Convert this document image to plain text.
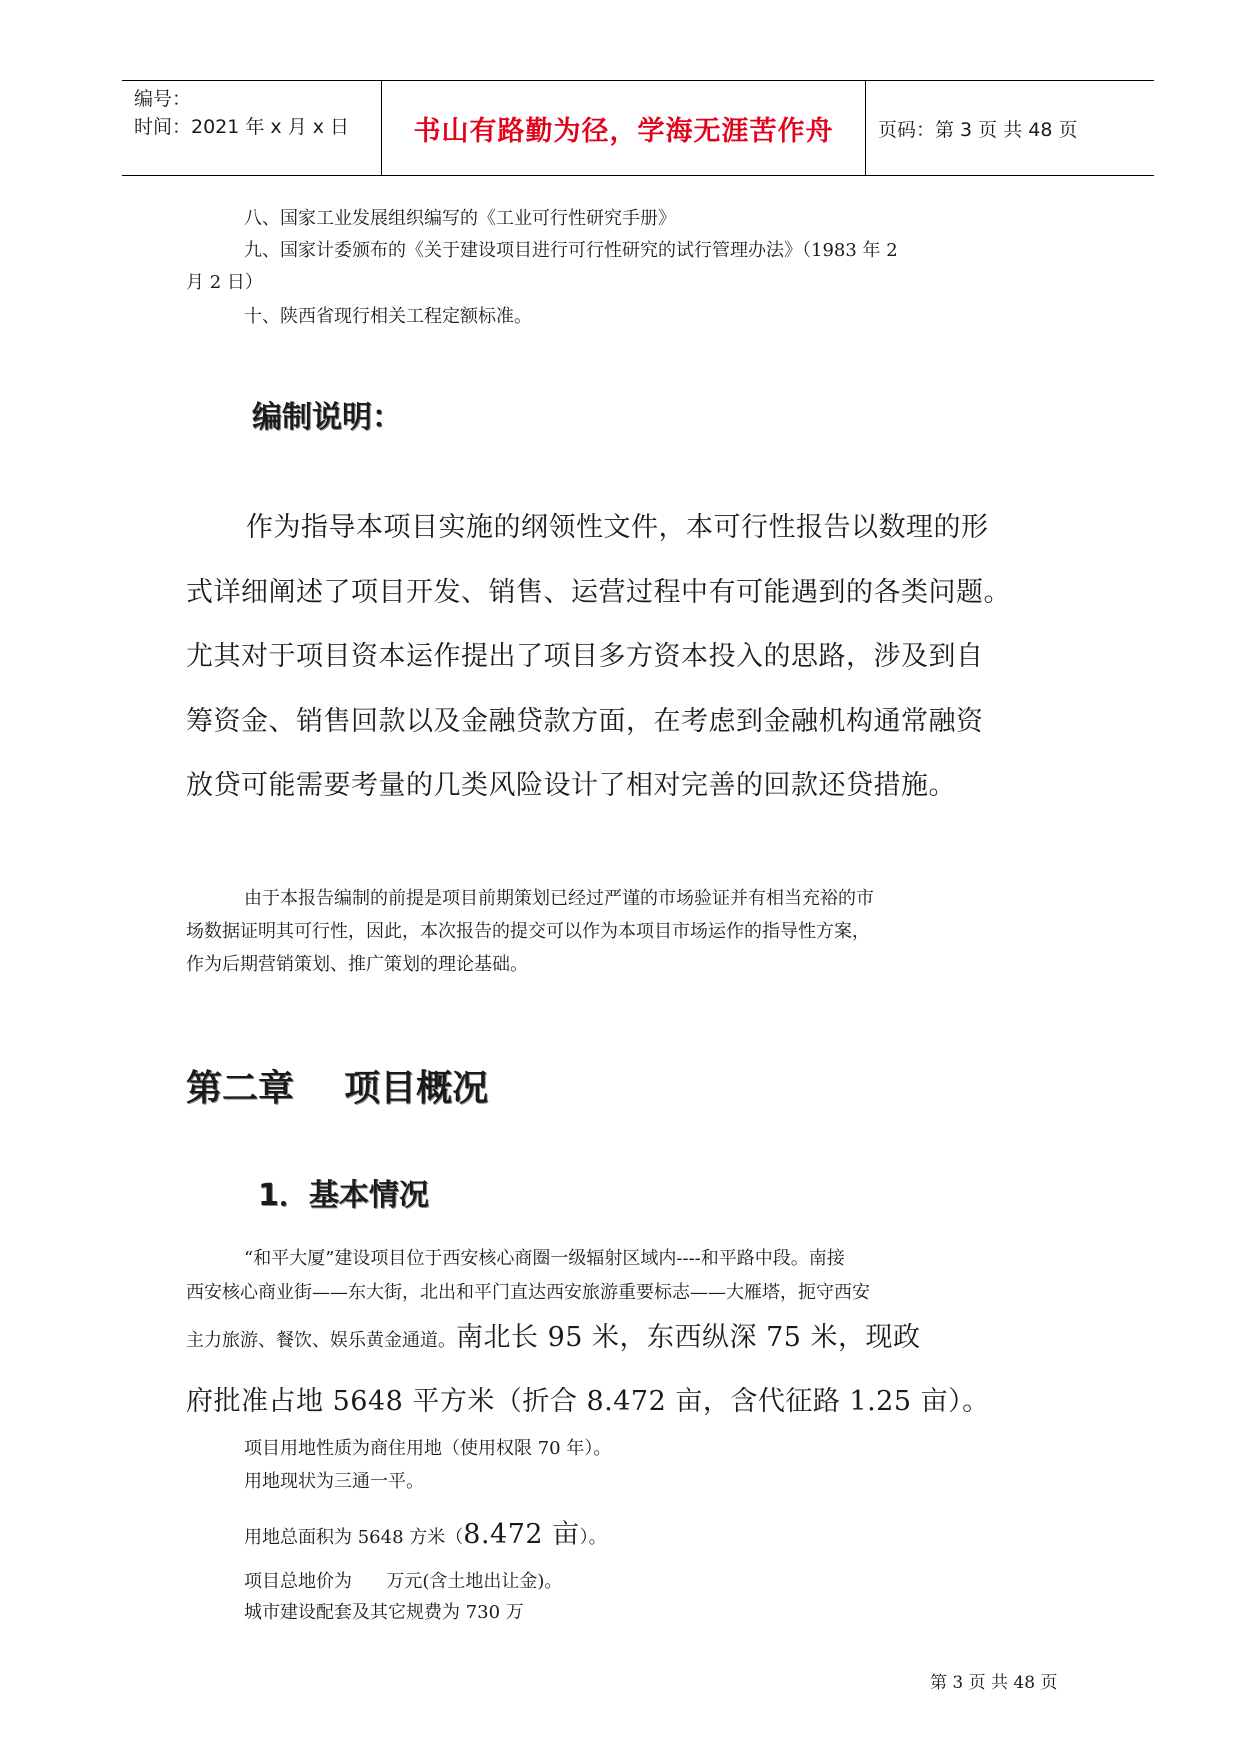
编号：
时间：2021 年 x 月 x 日	书山有路勤为径，学海无涯苦作舟 页码：第 3 页 共 48 页
八、国家工业发展组织编写的《工业可行性研究手册》
九、国家计委颁布的《关于建设项目进行可行性研究的试行管理办法》（1983 年 2
月 2 日）
十、陕西省现行相关工程定额标准。
编制说明：
作为指导本项目实施的纲领性文件，本可行性报告以数理的形
式详细阐述了项目开发、销售、运营过程中有可能遇到的各类问题。
尤其对于项目资本运作提出了项目多方资本投入的思路，涉及到自
筹资金、销售回款以及金融贷款方面，在考虑到金融机构通常融资
放贷可能需要考量的几类风险设计了相对完善的回款还贷措施。
由于本报告编制的前提是项目前期策划已经过严谨的市场验证并有相当充裕的市
场数据证明其可行性，因此，本次报告的提交可以作为本项目市场运作的指导性方案，
作为后期营销策划、推广策划的理论基础。
第二章    项目概况
1．基本情况
“和平大厦”建设项目位于西安核心商圈一级辐射区域内----和平路中段。南接
西安核心商业街——东大街，北出和平门直达西安旅游重要标志——大雁塔，扼守西安
主力旅游、餐饮、娱乐黄金通道。南北长 95 米，东西纵深 75 米，现政
府批准占地 5648 平方米（折合 8.472 亩，含代征路 1.25 亩）。
项目用地性质为商住用地（使用权限 70 年）。
用地现状为三通一平。
用地总面积为 5648 方米（8.472 亩）。
项目总地价为      万元(含土地出让金)。
城市建设配套及其它规费为 730 万
第 3 页 共 48 页
